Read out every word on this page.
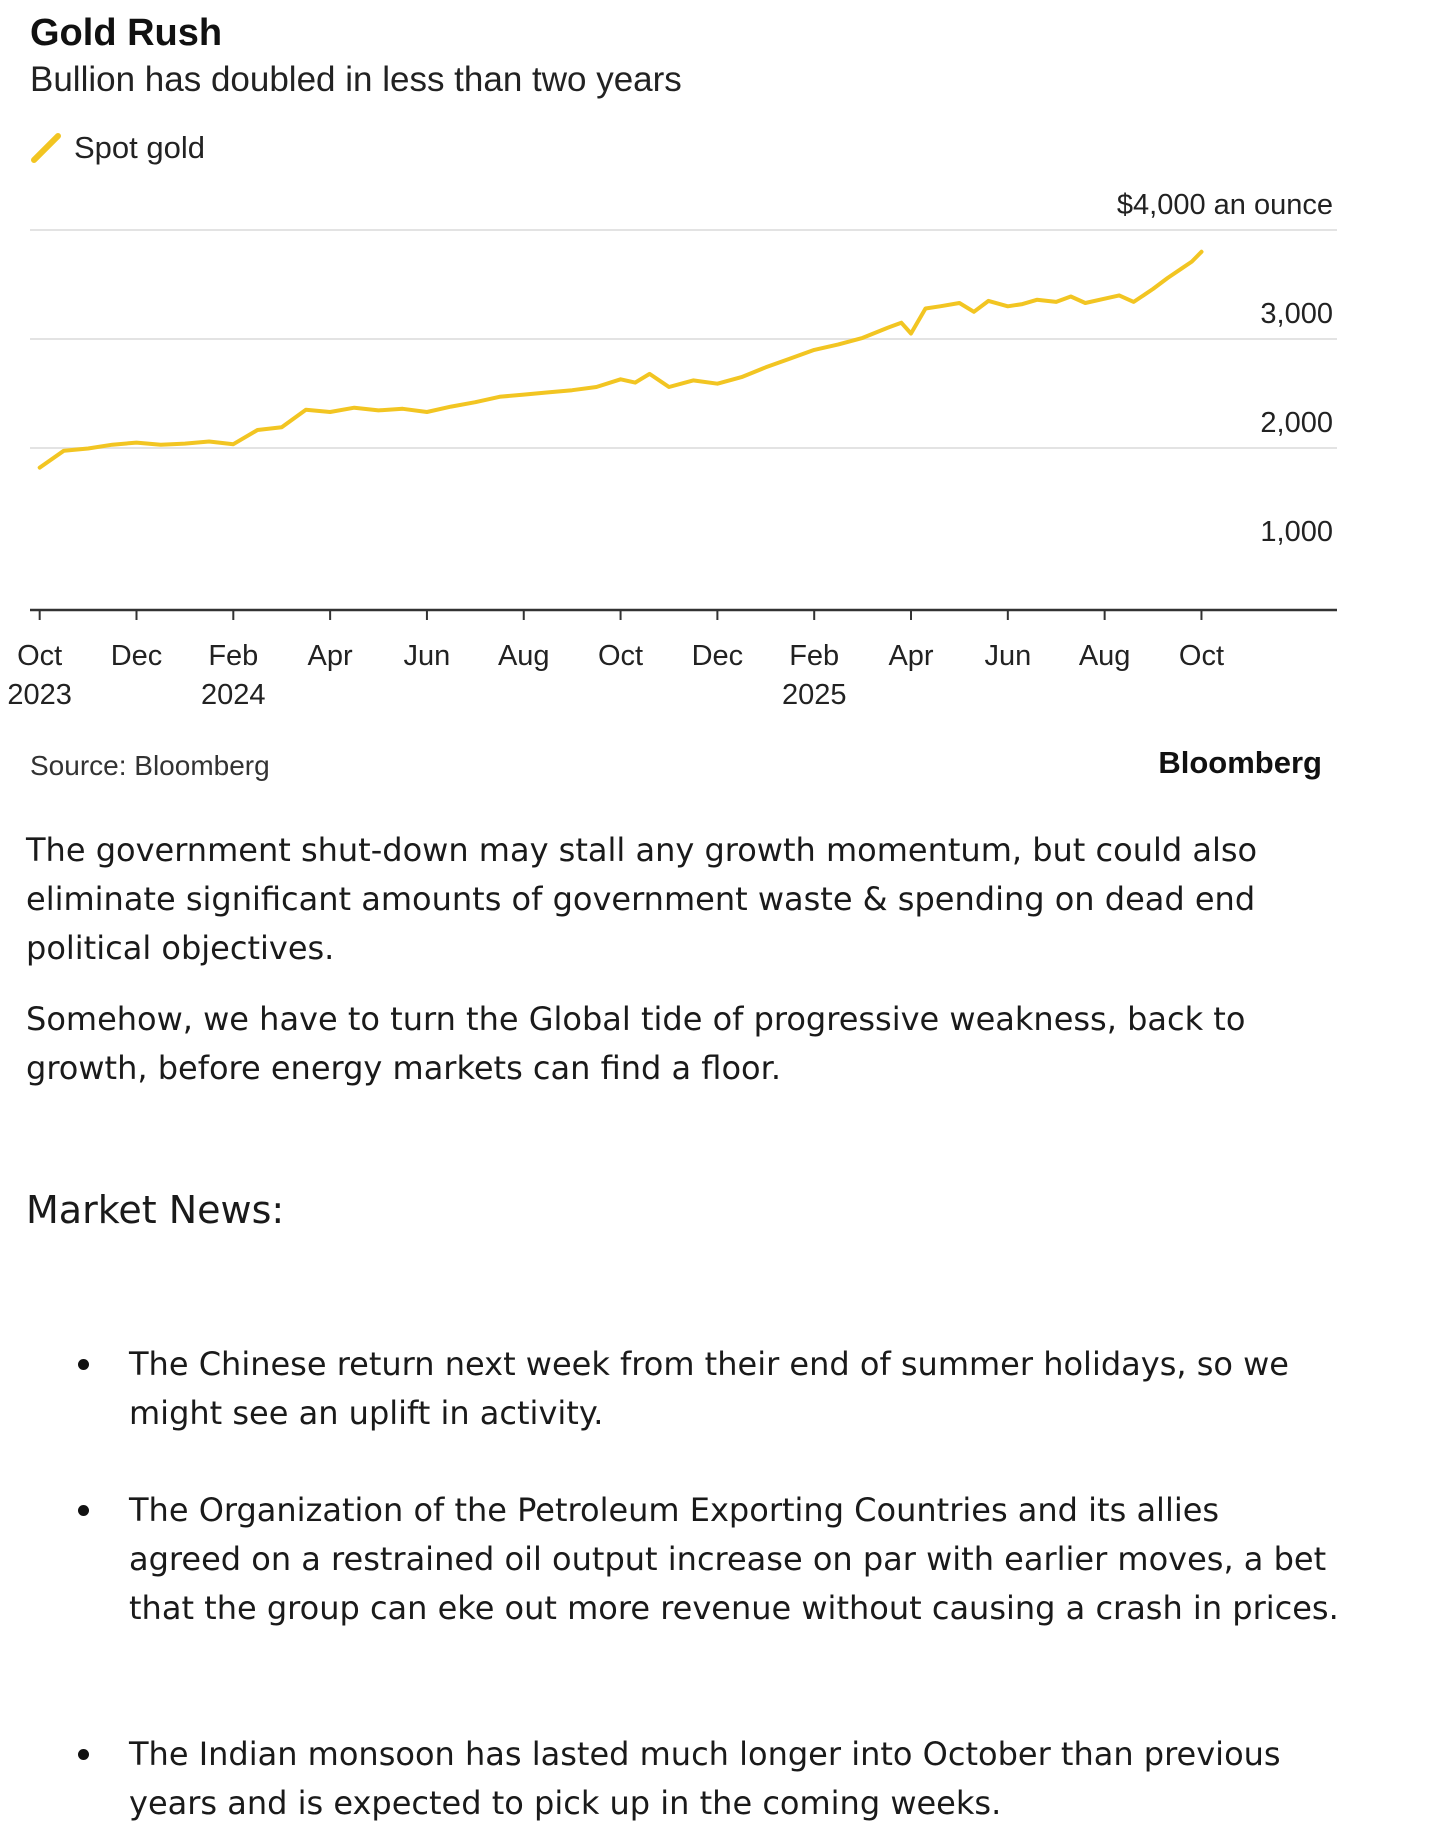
Gold Rush
Bullion has doubled in less than two years
Spot gold
$4,000 an ounce
3,000
2,000
1,000
Oct
2023
Dec Feb
2024
Apr Jun Aug Oct Dec Feb
2025
Apr Jun Aug Oct
Source: Bloomberg	Bloomberg

The government shut-down may stall any growth momentum, but could also eliminate significant amounts of government waste & spending on dead end political objectives.

Somehow, we have to turn the Global tide of progressive weakness, back to growth, before energy markets can find a floor.

Market News:

The Chinese return next week from their end of summer holidays, so we might see an uplift in activity.

The Organization of the Petroleum Exporting Countries and its allies agreed on a restrained oil output increase on par with earlier moves, a bet that the group can eke out more revenue without causing a crash in prices.

The Indian monsoon has lasted much longer into October than previous years and is expected to pick up in the coming weeks.
